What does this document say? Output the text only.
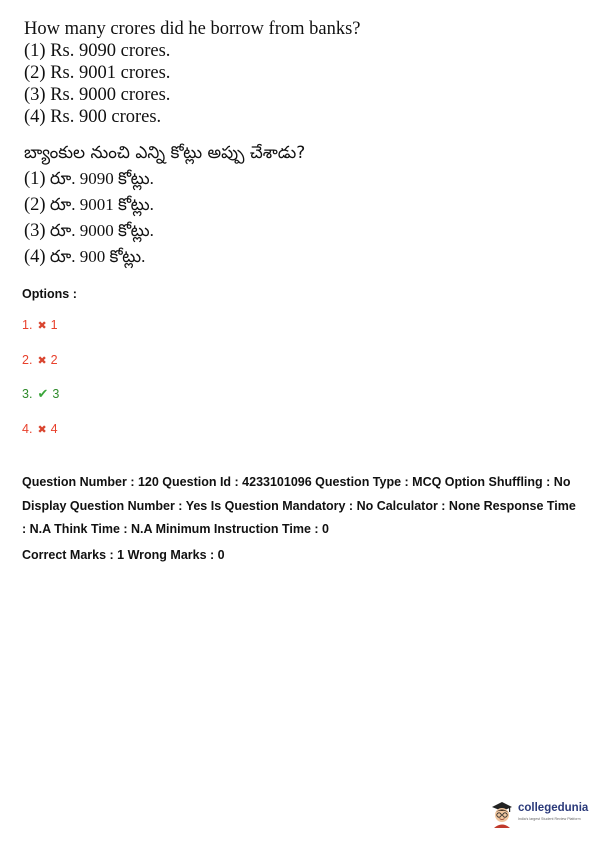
How many crores did he borrow from banks?
(1) Rs. 9090 crores.
(2) Rs. 9001 crores.
(3) Rs. 9000 crores.
(4) Rs. 900 crores.
బ్యాంకుల నుంచి ఎన్ని కోట్లు అప్పు చేశాడు?
(1) రూ. 9090 కోట్లు.
(2) రూ. 9001 కోట్లు.
(3) రూ. 9000 కోట్లు.
(4) రూ. 900 కోట్లు.
Options :
1. ✖ 1
2. ✖ 2
3. ✔ 3
4. ✖ 4

Question Number : 120 Question Id : 4233101096 Question Type : MCQ Option Shuffling : No Display Question Number : Yes Is Question Mandatory : No Calculator : None Response Time : N.A Think Time : N.A Minimum Instruction Time : 0

Correct Marks : 1 Wrong Marks : 0

collegedunia
India's largest Student Review Platform
